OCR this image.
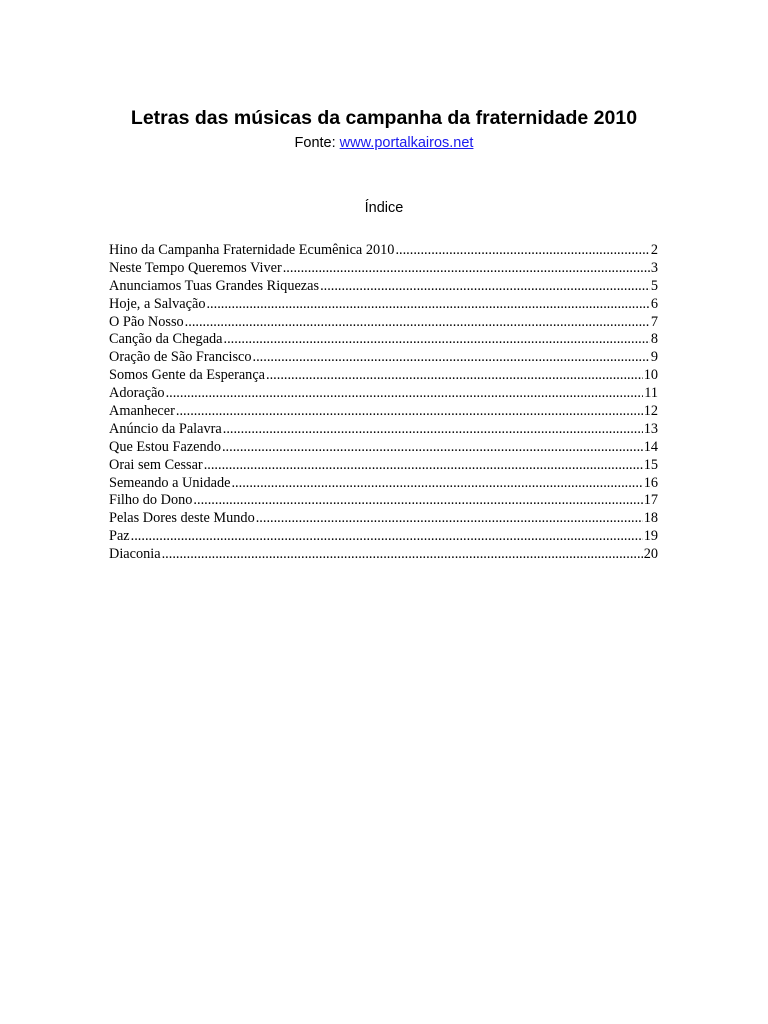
Letras das músicas da campanha da fraternidade 2010
Fonte: www.portalkairos.net
Índice
Hino da Campanha Fraternidade Ecumênica 2010 .....	2
Neste Tempo Queremos Viver .....	3
Anunciamos Tuas Grandes Riquezas .....	5
Hoje, a Salvação .....	6
O Pão Nosso .....	7
Canção da Chegada .....	8
Oração de São Francisco .....	9
Somos Gente da Esperança .....	10
Adoração .....	11
Amanhecer .....	12
Anúncio da Palavra .....	13
Que Estou Fazendo .....	14
Orai sem Cessar .....	15
Semeando a Unidade .....	16
Filho do Dono .....	17
Pelas Dores deste Mundo .....	18
Paz .....	19
Diaconia .....	20
